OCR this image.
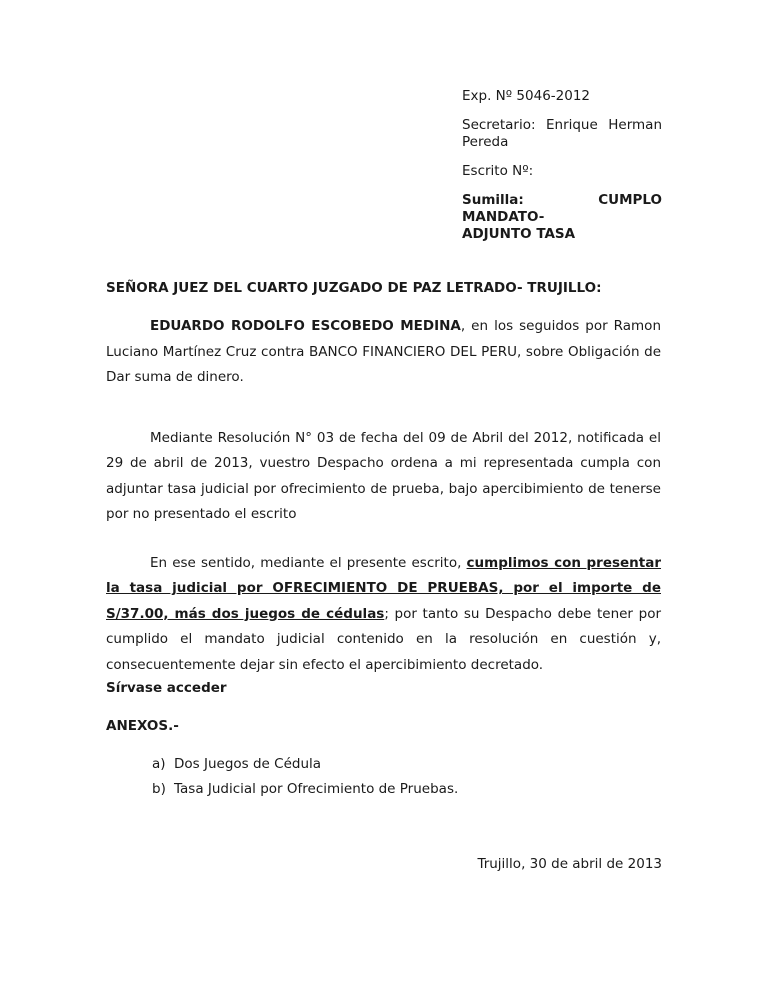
Exp. Nº 5046-2012

Secretario: Enrique Herman
Pereda

Escrito Nº:

Sumilla: CUMPLO MANDATO-
ADJUNTO TASA

SEÑORA JUEZ DEL CUARTO JUZGADO DE PAZ LETRADO- TRUJILLO:

EDUARDO RODOLFO ESCOBEDO MEDINA, en los seguidos por Ramon Luciano Martínez Cruz contra BANCO FINANCIERO DEL PERU, sobre Obligación de Dar suma de dinero.

Mediante Resolución N° 03 de fecha del 09 de Abril del 2012, notificada el 29 de abril de 2013, vuestro Despacho ordena a mi representada cumpla con adjuntar tasa judicial por ofrecimiento de prueba, bajo apercibimiento de tenerse por no presentado el escrito

En ese sentido, mediante el presente escrito, cumplimos con presentar la tasa judicial por OFRECIMIENTO DE PRUEBAS, por el importe de S/37.00, más dos juegos de cédulas; por tanto su Despacho debe tener por cumplido el mandato judicial contenido en la resolución en cuestión y, consecuentemente dejar sin efecto el apercibimiento decretado.

Sírvase acceder

ANEXOS.-

a) Dos Juegos de Cédula
b) Tasa Judicial por Ofrecimiento de Pruebas.
Trujillo, 30 de abril de 2013
